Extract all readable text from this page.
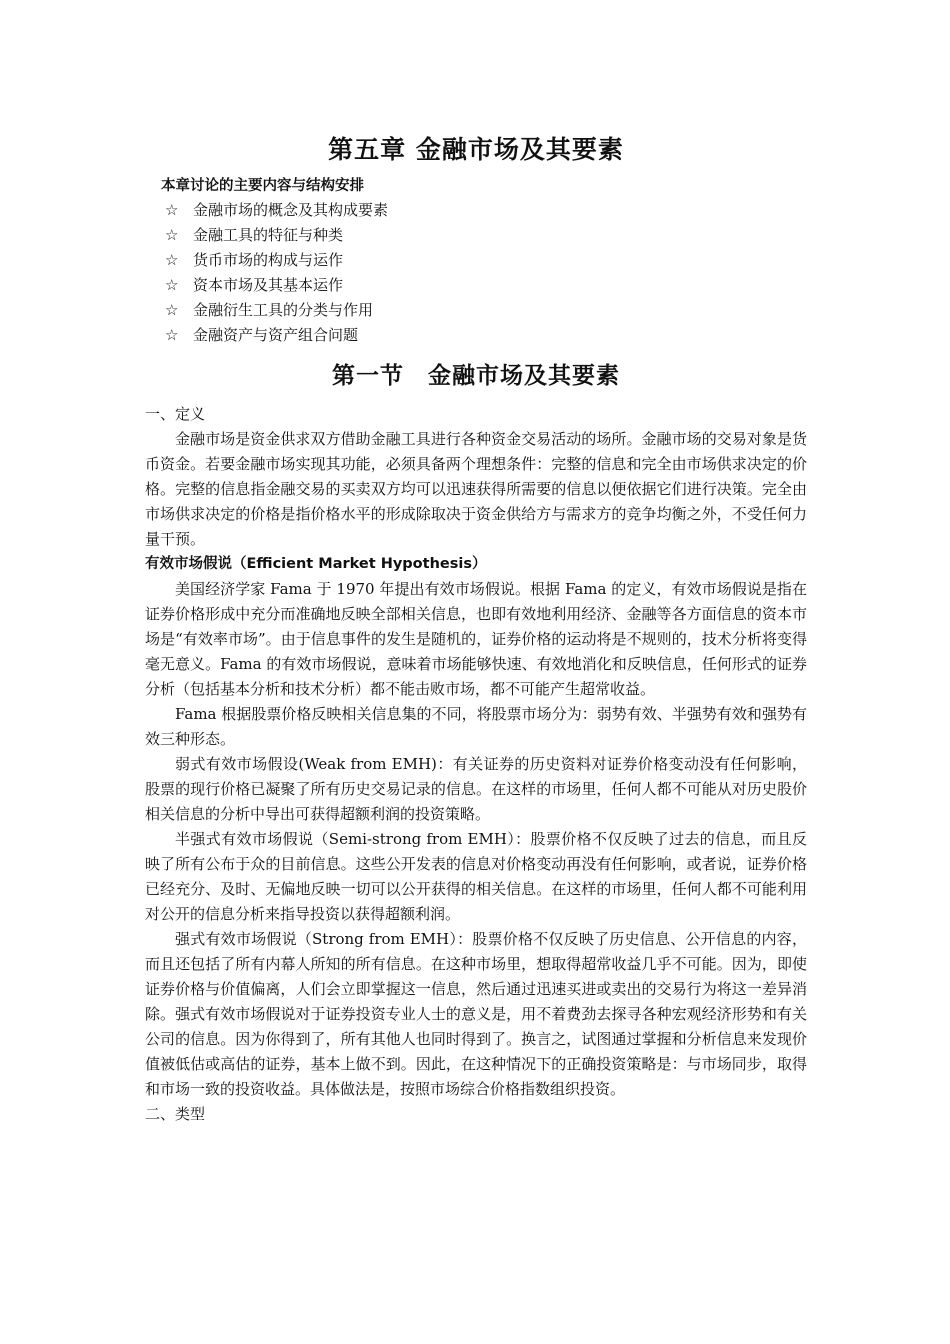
第五章 金融市场及其要素
本章讨论的主要内容与结构安排
☆ 金融市场的概念及其构成要素
☆ 金融工具的特征与种类
☆ 货币市场的构成与运作
☆ 资本市场及其基本运作
☆ 金融衍生工具的分类与作用
☆ 金融资产与资产组合问题
第一节　金融市场及其要素
一、定义

金融市场是资金供求双方借助金融工具进行各种资金交易活动的场所。金融市场的交易对象是货币资金。若要金融市场实现其功能，必须具备两个理想条件：完整的信息和完全由市场供求决定的价格。完整的信息指金融交易的买卖双方均可以迅速获得所需要的信息以便依据它们进行决策。完全由市场供求决定的价格是指价格水平的形成除取决于资金供给方与需求方的竞争均衡之外，不受任何力量干预。

有效市场假说（Efficient Market Hypothesis）

美国经济学家 Fama 于 1970 年提出有效市场假说。根据 Fama 的定义，有效市场假说是指在证券价格形成中充分而准确地反映全部相关信息，也即有效地利用经济、金融等各方面信息的资本市场是“有效率市场”。由于信息事件的发生是随机的，证券价格的运动将是不规则的，技术分析将变得毫无意义。Fama 的有效市场假说，意味着市场能够快速、有效地消化和反映信息，任何形式的证券分析（包括基本分析和技术分析）都不能击败市场，都不可能产生超常收益。

Fama 根据股票价格反映相关信息集的不同，将股票市场分为：弱势有效、半强势有效和强势有效三种形态。

弱式有效市场假设(Weak from EMH)：有关证券的历史资料对证券价格变动没有任何影响，股票的现行价格已凝聚了所有历史交易记录的信息。在这样的市场里，任何人都不可能从对历史股价相关信息的分析中导出可获得超额利润的投资策略。

半强式有效市场假说（Semi-strong from EMH）：股票价格不仅反映了过去的信息，而且反映了所有公布于众的目前信息。这些公开发表的信息对价格变动再没有任何影响，或者说，证券价格已经充分、及时、无偏地反映一切可以公开获得的相关信息。在这样的市场里，任何人都不可能利用对公开的信息分析来指导投资以获得超额利润。

强式有效市场假说（Strong from EMH）：股票价格不仅反映了历史信息、公开信息的内容，而且还包括了所有内幕人所知的所有信息。在这种市场里，想取得超常收益几乎不可能。因为，即使证券价格与价值偏离，人们会立即掌握这一信息，然后通过迅速买进或卖出的交易行为将这一差异消除。强式有效市场假说对于证券投资专业人士的意义是，用不着费劲去探寻各种宏观经济形势和有关公司的信息。因为你得到了，所有其他人也同时得到了。换言之，试图通过掌握和分析信息来发现价值被低估或高估的证券，基本上做不到。因此，在这种情况下的正确投资策略是：与市场同步，取得和市场一致的投资收益。具体做法是，按照市场综合价格指数组织投资。

二、类型
